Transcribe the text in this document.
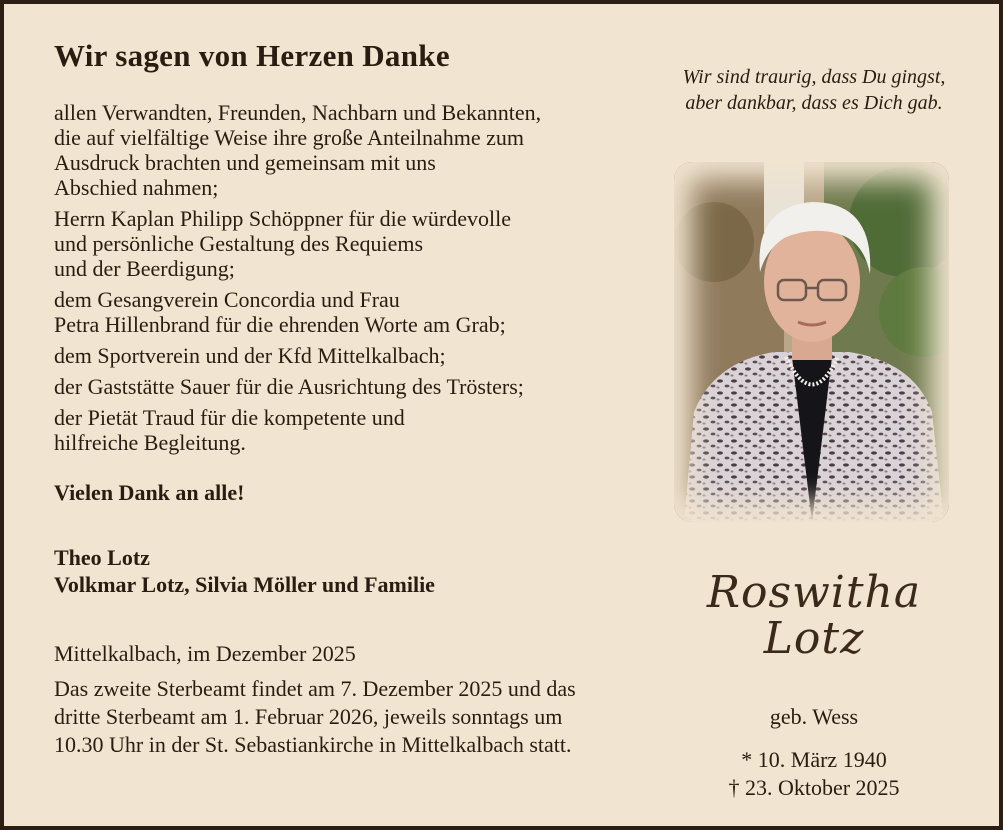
Wir sagen von Herzen Danke
allen Verwandten, Freunden, Nachbarn und Bekannten,
die auf vielfältige Weise ihre große Anteilnahme zum
Ausdruck brachten und gemeinsam mit uns
Abschied nahmen;
Herrn Kaplan Philipp Schöppner für die würdevolle
und persönliche Gestaltung des Requiems
und der Beerdigung;
dem Gesangverein Concordia und Frau
Petra Hillenbrand für die ehrenden Worte am Grab;
dem Sportverein und der Kfd Mittelkalbach;
der Gaststätte Sauer für die Ausrichtung des Trösters;
der Pietät Traud für die kompetente und
hilfreiche Begleitung.
Vielen Dank an alle!
Theo Lotz
Volkmar Lotz, Silvia Möller und Familie
Mittelkalbach, im Dezember 2025
Das zweite Sterbeamt findet am 7. Dezember 2025 und das
dritte Sterbeamt am 1. Februar 2026, jeweils sonntags um
10.30 Uhr in der St. Sebastiankirche in Mittelkalbach statt.
Wir sind traurig, dass Du gingst,
aber dankbar, dass es Dich gab.
Roswitha
Lotz
geb. Wess
* 10. März 1940
† 23. Oktober 2025
